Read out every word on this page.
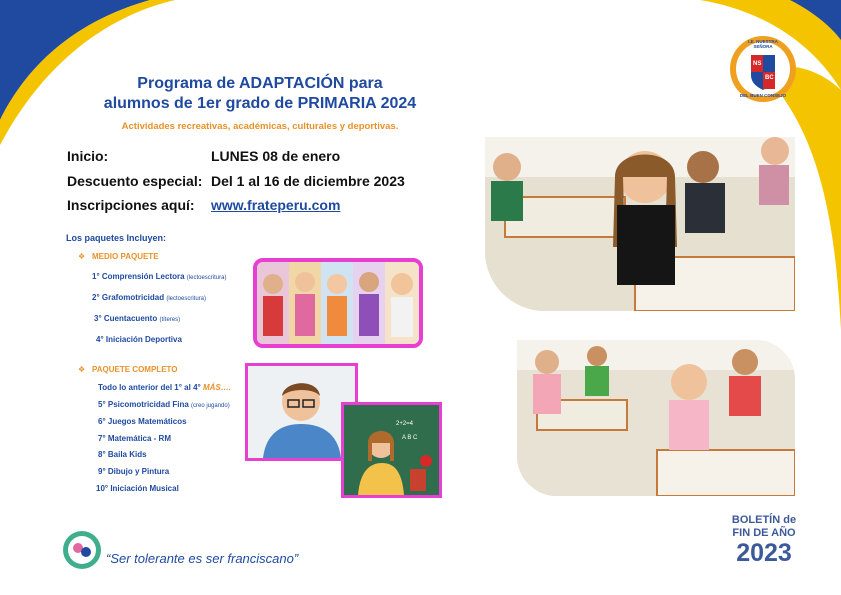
I.E. NUESTRA SEÑORA
DEL BUEN CONSEJO
NS
BC
Programa de ADAPTACIÓN para
alumnos de 1er grado de PRIMARIA 2024
Actividades recreativas, académicas, culturales y deportivas.
Inicio:	LUNES 08 de enero
Descuento especial: Del 1 al 16 de diciembre 2023
Inscripciones aquí: www.frateperu.com
Los paquetes Incluyen:
❖ MEDIO PAQUETE
1° Comprensión Lectora (lectoescritura)
2° Grafomotricidad (lectoescritura)
3° Cuentacuento (títeres)
4° Iniciación Deportiva
❖ PAQUETE COMPLETO
Todo lo anterior del 1° al 4° MÁS….
5° Psicomotricidad Fina (creo jugando)
6° Juegos Matemáticos
7° Matemática - RM
8° Baila Kids
9° Dibujo y Pintura
10° Iniciación Musical
2+2=4
A B C
“Ser tolerante es ser franciscano”
BOLETÍN de
FIN DE AÑO
2023
